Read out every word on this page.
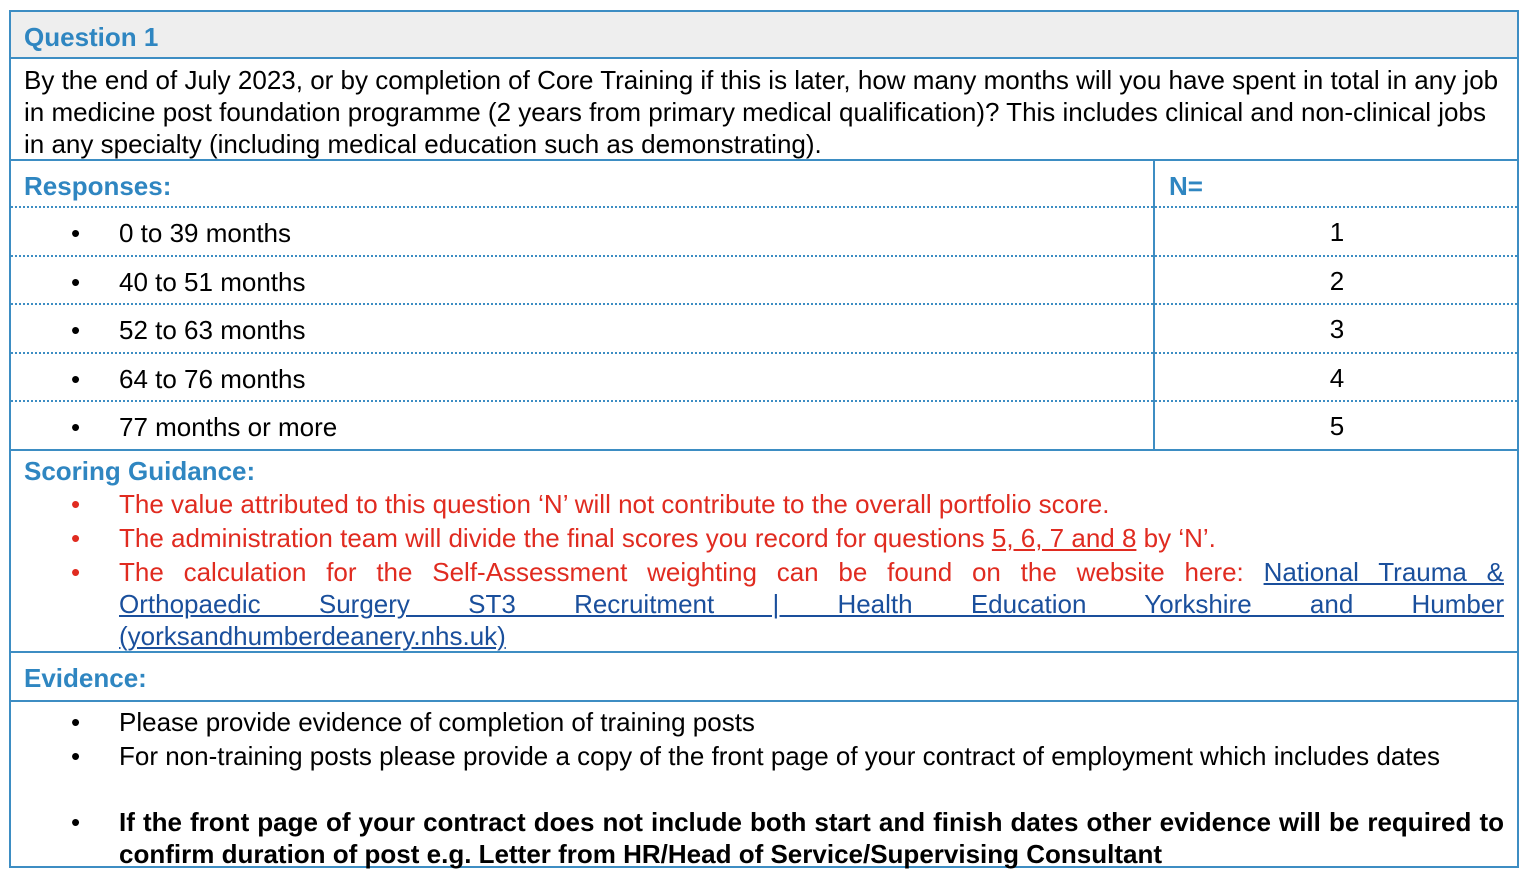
Question 1
By the end of July 2023, or by completion of Core Training if this is later, how many months will you have spent in total in any job in medicine post foundation programme (2 years from primary medical qualification)? This includes clinical and non-clinical jobs in any specialty (including medical education such as demonstrating).
Responses:	N=
• 0 to 39 months	1
• 40 to 51 months	2
• 52 to 63 months	3
• 64 to 76 months	4
• 77 months or more	5
Scoring Guidance:
• The value attributed to this question ‘N’ will not contribute to the overall portfolio score.
• The administration team will divide the final scores you record for questions 5, 6, 7 and 8 by ‘N’.
• The calculation for the Self-Assessment weighting can be found on the website here: National Trauma &
Orthopaedic Surgery ST3 Recruitment | Health Education Yorkshire and Humber
(yorksandhumberdeanery.nhs.uk)
Evidence:
• Please provide evidence of completion of training posts
• For non-training posts please provide a copy of the front page of your contract of employment which includes dates
• If the front page of your contract does not include both start and finish dates other evidence will be required to confirm duration of post e.g. Letter from HR/Head of Service/Supervising Consultant
